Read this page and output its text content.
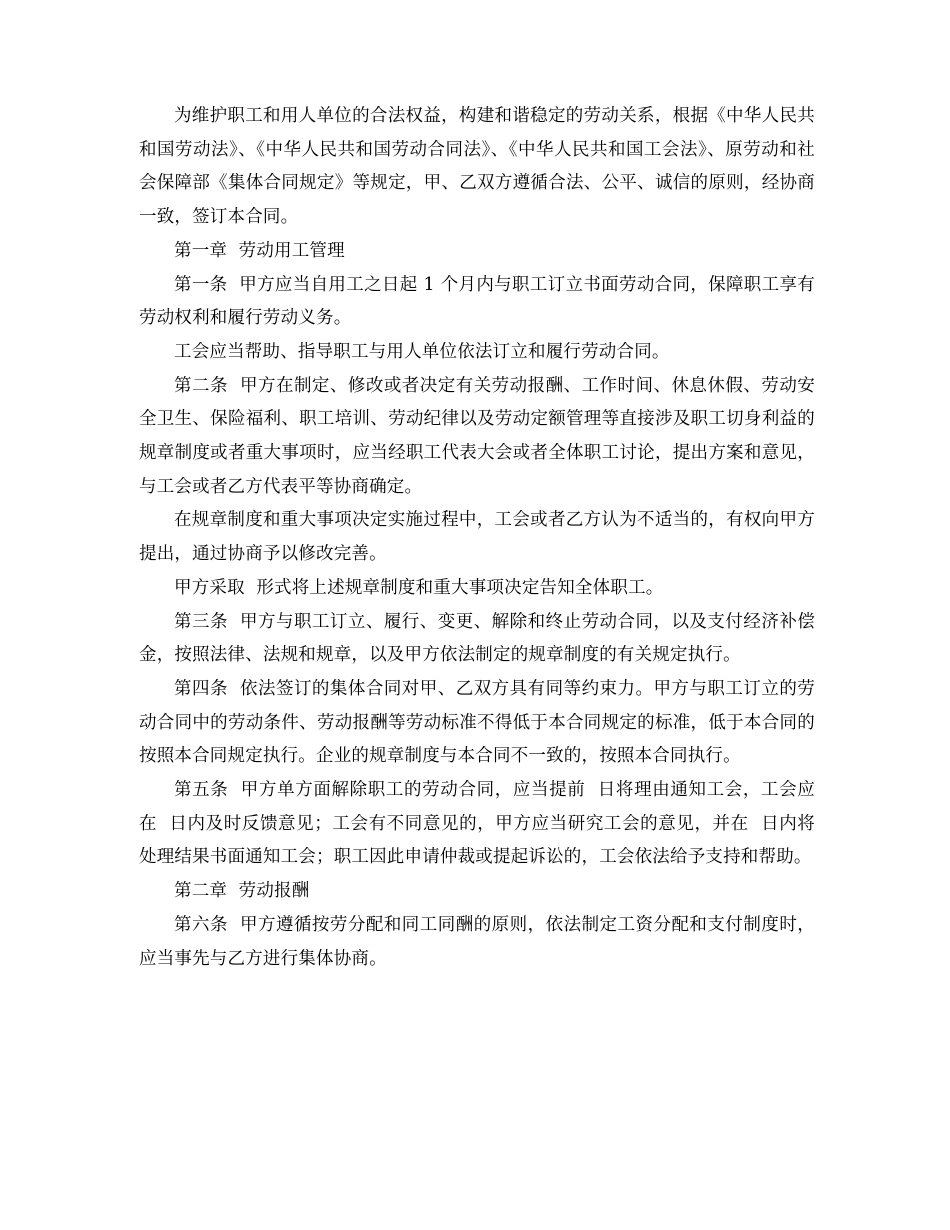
为维护职工和用人单位的合法权益，构建和谐稳定的劳动关系，根据《中华人民共和国劳动法》、《中华人民共和国劳动合同法》、《中华人民共和国工会法》、原劳动和社会保障部《集体合同规定》等规定，甲、乙双方遵循合法、公平、诚信的原则，经协商一致，签订本合同。

第一章  劳动用工管理

第一条  甲方应当自用工之日起 1 个月内与职工订立书面劳动合同，保障职工享有劳动权利和履行劳动义务。

工会应当帮助、指导职工与用人单位依法订立和履行劳动合同。

第二条  甲方在制定、修改或者决定有关劳动报酬、工作时间、休息休假、劳动安全卫生、保险福利、职工培训、劳动纪律以及劳动定额管理等直接涉及职工切身利益的规章制度或者重大事项时，应当经职工代表大会或者全体职工讨论，提出方案和意见，与工会或者乙方代表平等协商确定。

在规章制度和重大事项决定实施过程中，工会或者乙方认为不适当的，有权向甲方提出，通过协商予以修改完善。

甲方采取  形式将上述规章制度和重大事项决定告知全体职工。

第三条  甲方与职工订立、履行、变更、解除和终止劳动合同，以及支付经济补偿金，按照法律、法规和规章，以及甲方依法制定的规章制度的有关规定执行。

第四条  依法签订的集体合同对甲、乙双方具有同等约束力。甲方与职工订立的劳动合同中的劳动条件、劳动报酬等劳动标准不得低于本合同规定的标准，低于本合同的按照本合同规定执行。企业的规章制度与本合同不一致的，按照本合同执行。

第五条  甲方单方面解除职工的劳动合同，应当提前  日将理由通知工会，工会应在  日内及时反馈意见；工会有不同意见的，甲方应当研究工会的意见，并在  日内将处理结果书面通知工会；职工因此申请仲裁或提起诉讼的，工会依法给予支持和帮助。

第二章  劳动报酬

第六条  甲方遵循按劳分配和同工同酬的原则，依法制定工资分配和支付制度时，应当事先与乙方进行集体协商。
